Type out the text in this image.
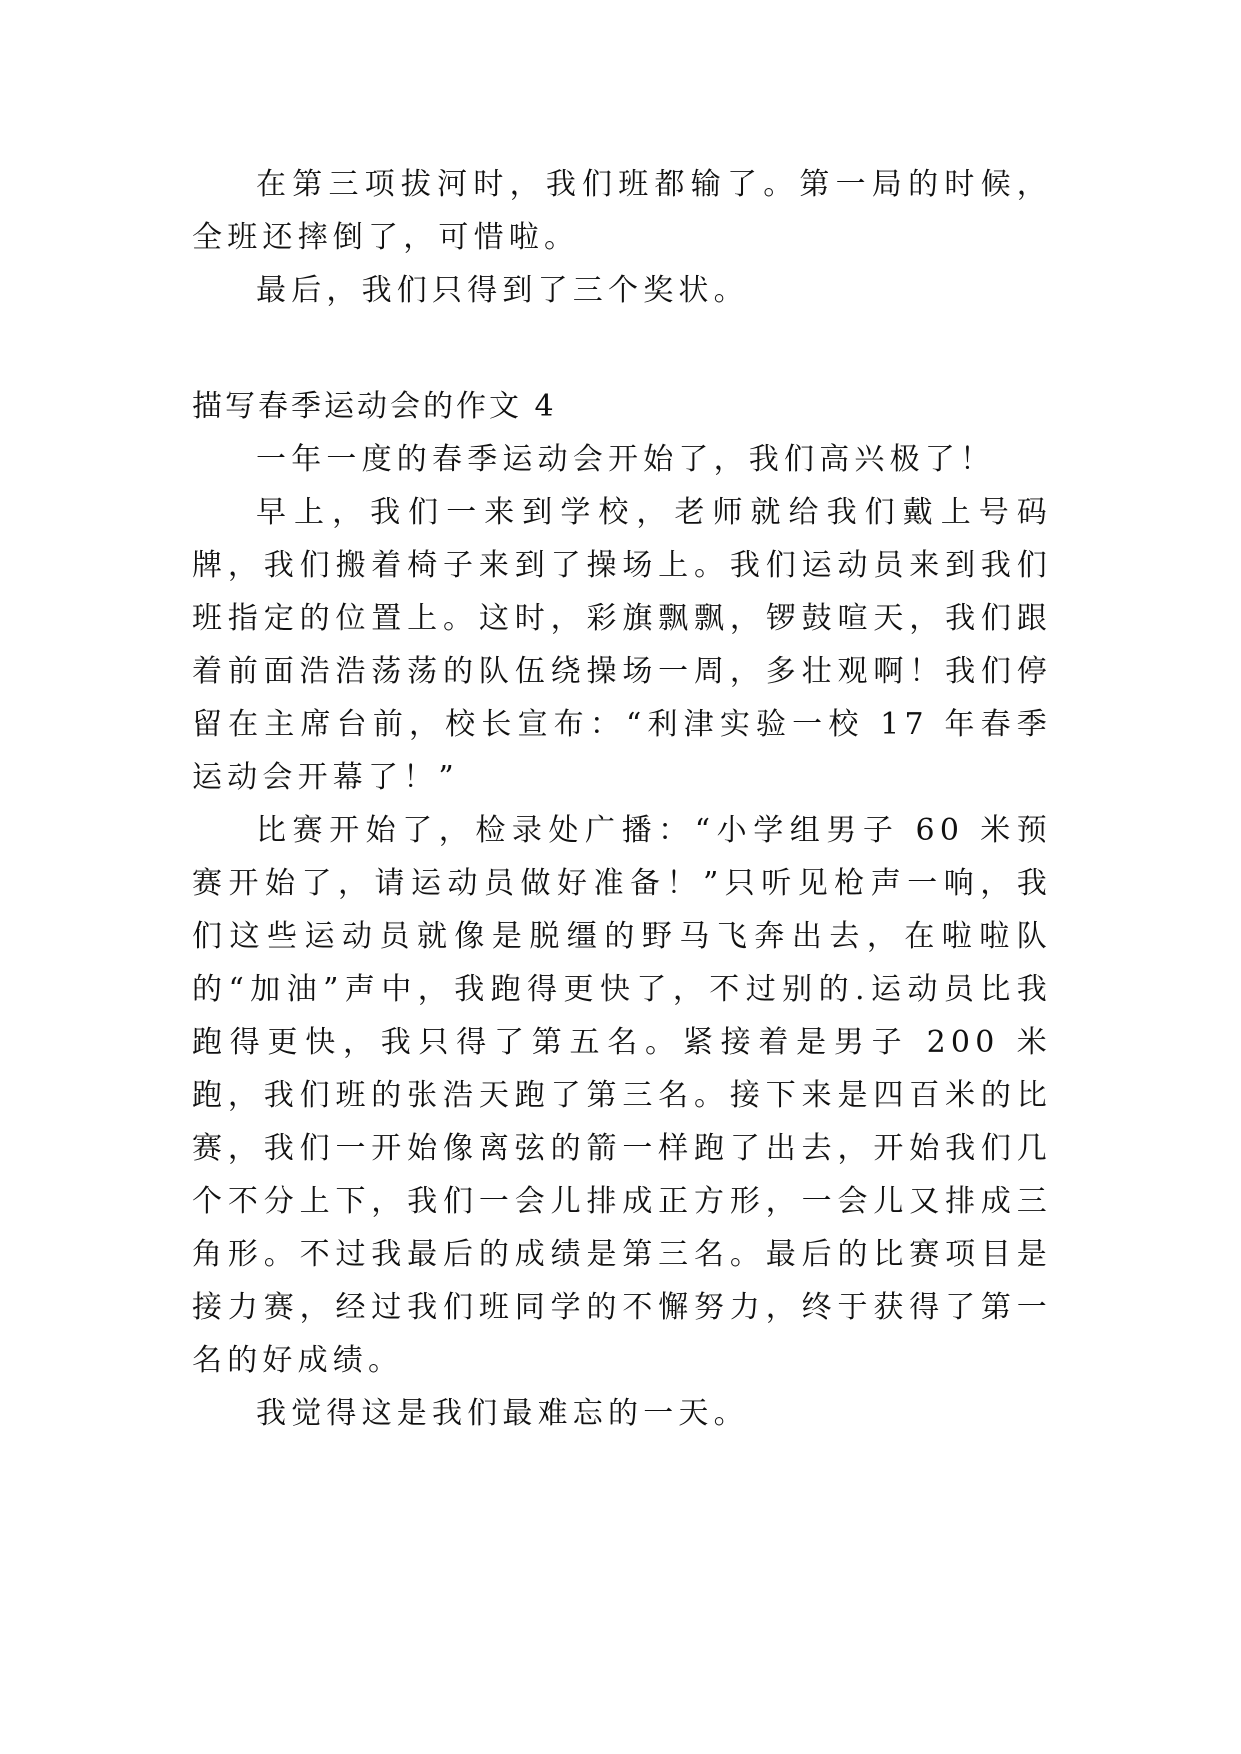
在第三项拔河时，我们班都输了。第一局的时候，全班还摔倒了，可惜啦。

最后，我们只得到了三个奖状。

描写春季运动会的作文 4

一年一度的春季运动会开始了，我们高兴极了！

早上，我们一来到学校，老师就给我们戴上号码牌，我们搬着椅子来到了操场上。我们运动员来到我们班指定的位置上。这时，彩旗飘飘，锣鼓喧天，我们跟着前面浩浩荡荡的队伍绕操场一周，多壮观啊！我们停留在主席台前，校长宣布：“利津实验一校 17 年春季运动会开幕了！”

比赛开始了，检录处广播：“小学组男子 60 米预赛开始了，请运动员做好准备！”只听见枪声一响，我们这些运动员就像是脱缰的野马飞奔出去，在啦啦队的“加油”声中，我跑得更快了，不过别的.运动员比我跑得更快，我只得了第五名。紧接着是男子 200 米跑，我们班的张浩天跑了第三名。接下来是四百米的比赛，我们一开始像离弦的箭一样跑了出去，开始我们几个不分上下，我们一会儿排成正方形，一会儿又排成三角形。不过我最后的成绩是第三名。最后的比赛项目是接力赛，经过我们班同学的不懈努力，终于获得了第一名的好成绩。

我觉得这是我们最难忘的一天。
